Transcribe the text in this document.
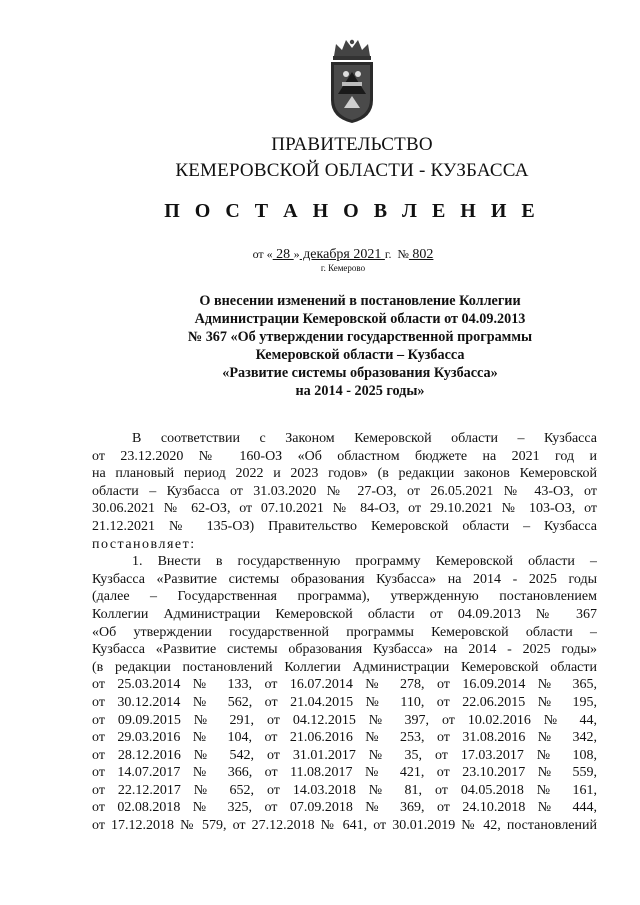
ПРАВИТЕЛЬСТВО
КЕМЕРОВСКОЙ ОБЛАСТИ - КУЗБАССА
П О С Т А Н О В Л Е Н И Е
от « 28 » декабря 2021 г. № 802
г. Кемерово
О внесении изменений в постановление Коллегии
Администрации Кемеровской области от 04.09.2013
№ 367 «Об утверждении государственной программы
Кемеровской области – Кузбасса
«Развитие системы образования Кузбасса»
на 2014 - 2025 годы»
В соответствии с Законом Кемеровской области – Кузбасса
от 23.12.2020 № 160-ОЗ «Об областном бюджете на 2021 год и
на плановый период 2022 и 2023 годов» (в редакции законов Кемеровской
области – Кузбасса от 31.03.2020 № 27-ОЗ, от 26.05.2021 № 43-ОЗ, от
30.06.2021 № 62-ОЗ, от 07.10.2021 № 84-ОЗ, от 29.10.2021 № 103-ОЗ, от
21.12.2021 № 135-ОЗ) Правительство Кемеровской области – Кузбасса
постановляет:
1. Внести в государственную программу Кемеровской области –
Кузбасса «Развитие системы образования Кузбасса» на 2014 - 2025 годы
(далее – Государственная программа), утвержденную постановлением
Коллегии Администрации Кемеровской области от 04.09.2013 № 367
«Об утверждении государственной программы Кемеровской области –
Кузбасса «Развитие системы образования Кузбасса» на 2014 - 2025 годы»
(в редакции постановлений Коллегии Администрации Кемеровской области
от 25.03.2014 № 133, от 16.07.2014 № 278, от 16.09.2014 № 365,
от 30.12.2014 № 562, от 21.04.2015 № 110, от 22.06.2015 № 195,
от 09.09.2015 № 291, от 04.12.2015 № 397, от 10.02.2016 № 44,
от 29.03.2016 № 104, от 21.06.2016 № 253, от 31.08.2016 № 342,
от 28.12.2016 № 542, от 31.01.2017 № 35, от 17.03.2017 № 108,
от 14.07.2017 № 366, от 11.08.2017 № 421, от 23.10.2017 № 559,
от 22.12.2017 № 652, от 14.03.2018 № 81, от 04.05.2018 № 161,
от 02.08.2018 № 325, от 07.09.2018 № 369, от 24.10.2018 № 444,
от 17.12.2018 № 579, от 27.12.2018 № 641, от 30.01.2019 № 42, постановлений
